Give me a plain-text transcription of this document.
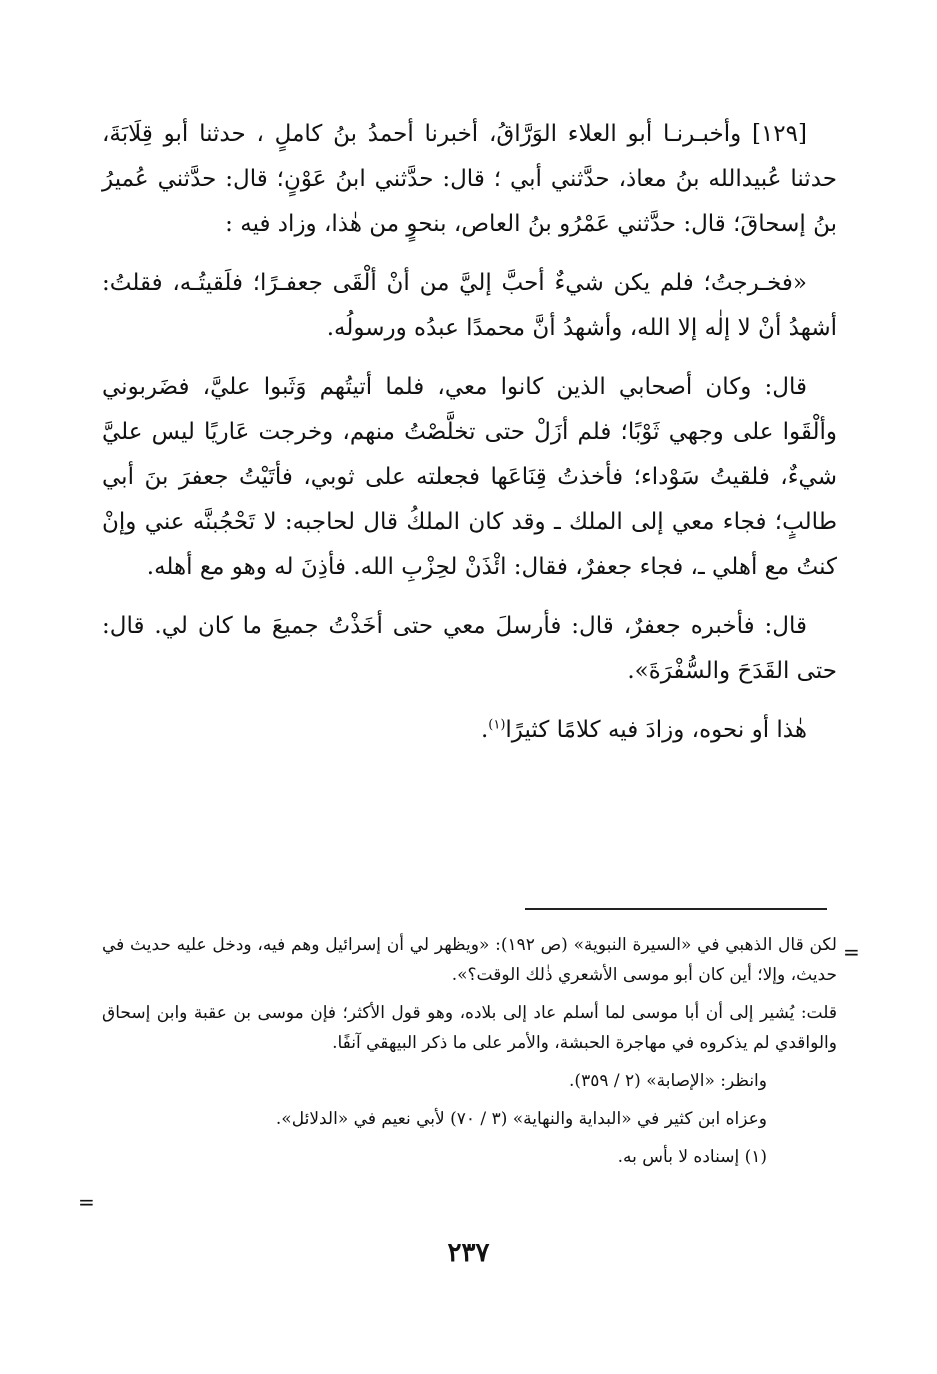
[١٢٩] وأخبـرنـا أبو العلاء الوَرَّاقُ، أخبرنا أحمدُ بنُ كاملٍ ، حدثنا أبو قِلَابَةَ، حدثنا عُبيدالله بنُ معاذ، حدَّثني أبي ؛ قال: حدَّثني ابنُ عَوْنٍ؛ قال: حدَّثني عُميرُ بنُ إسحاقَ؛ قال: حدَّثني عَمْرُو بنُ العاص، بنحوٍ من هٰذا، وزاد فيه :

«فخـرجتُ؛ فلم يكن شيءٌ أحبَّ إليَّ من أنْ ألْقَى جعفـرًا؛ فلَقيتُـه، فقلتُ: أشهدُ أنْ لا إلٰه إلا الله، وأشهدُ أنَّ محمدًا عبدُه ورسولُه.

قال: وكان أصحابي الذين كانوا معي، فلما أتيتُهم وَثَبوا عليَّ، فضَربوني وألْقَوا على وجهي ثَوْبًا؛ فلم أزَلْ حتى تخلَّصْتُ منهم، وخرجت عَاريًا ليس عليَّ شيءٌ، فلقيتُ سَوْداء؛ فأخذتُ قِنَاعَها فجعلته على ثوبي، فأتَيْتُ جعفرَ بنَ أبي طالبٍ؛ فجاء معي إلى الملك ـ وقد كان الملكُ قال لحاجبه: لا تَحْجُبنَّه عني وإنْ كنتُ مع أهلي ـ، فجاء جعفرٌ، فقال: ائْذَنْ لحِزْبِ الله. فأذِنَ له وهو مع أهله.

قال: فأخبره جعفرٌ، قال: فأرسلَ معي حتى أخَذْتُ جميعَ ما كان لي. قال: حتى القَدَحَ والسُّفْرَةَ».

هٰذا أو نحوه، وزادَ فيه كلامًا كثيرًا$^{(١)}$.

=

لكن قال الذهبي في «السيرة النبوية» (ص ١٩٢): «ويظهر لي أن إسرائيل وهم فيه، ودخل عليه حديث في حديث، وإلا؛ أين كان أبو موسى الأشعري ذٰلك الوقت؟».

قلت: يُشير إلى أن أبا موسى لما أسلم عاد إلى بلاده، وهو قول الأكثر؛ فإن موسى بن عقبة وابن إسحاق والواقدي لم يذكروه في مهاجرة الحبشة، والأمر على ما ذكر البيهقي آنفًا.

وانظر: «الإصابة» (٢ / ٣٥٩).

وعزاه ابن كثير في «البداية والنهاية» (٣ / ٧٠) لأبي نعيم في «الدلائل».

(١) إسناده لا بأس به.

=
٢٣٧
